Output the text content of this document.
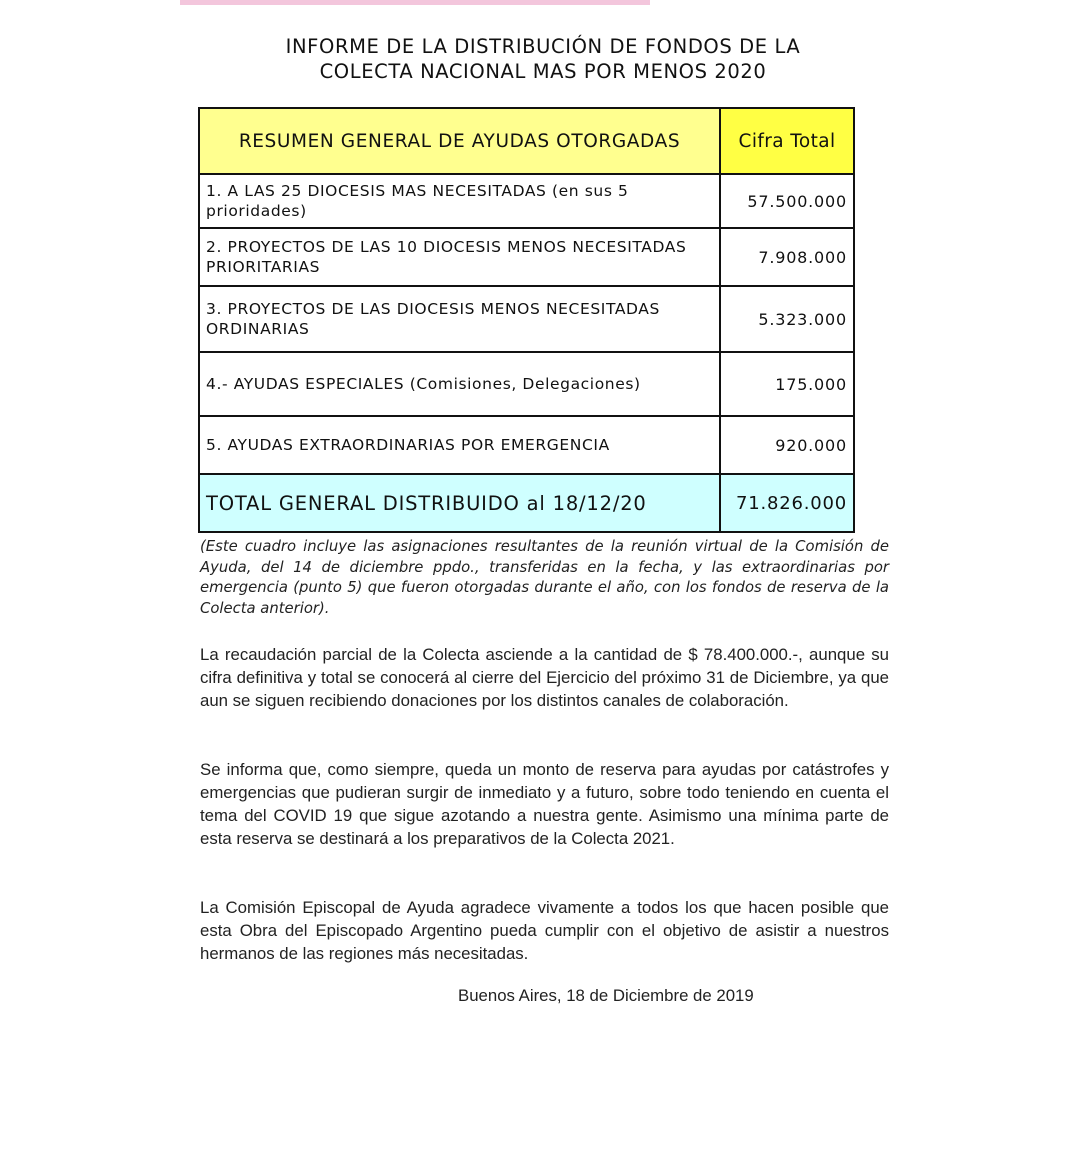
INFORME DE LA DISTRIBUCIÓN DE FONDOS DE LA
COLECTA NACIONAL MAS POR MENOS 2020
RESUMEN GENERAL DE AYUDAS OTORGADAS	Cifra Total

1. A LAS 25 DIOCESIS MAS NECESITADAS (en sus 5
prioridades)	57.500.000

2. PROYECTOS DE LAS 10 DIOCESIS MENOS NECESITADAS
PRIORITARIAS	7.908.000

3. PROYECTOS DE LAS DIOCESIS MENOS NECESITADAS
ORDINARIAS	5.323.000

4.- AYUDAS ESPECIALES (Comisiones, Delegaciones)	175.000

5. AYUDAS EXTRAORDINARIAS POR EMERGENCIA	920.000
TOTAL GENERAL DISTRIBUIDO al 18/12/20	71.826.000
(Este cuadro incluye las asignaciones resultantes de la reunión virtual de la Comisión de Ayuda, del 14 de diciembre ppdo., transferidas en la fecha, y las extraordinarias por emergencia (punto 5) que fueron otorgadas durante el año, con los fondos de reserva de la Colecta anterior).
La recaudación parcial de la Colecta asciende a la cantidad de $ 78.400.000.-, aunque su cifra definitiva y total se conocerá al cierre del Ejercicio del próximo 31 de Diciembre, ya que aun se siguen recibiendo donaciones por los distintos canales de colaboración.
Se informa que, como siempre, queda un monto de reserva para ayudas por catástrofes y emergencias que pudieran surgir de inmediato y a futuro, sobre todo teniendo en cuenta el tema del COVID 19 que sigue azotando a nuestra gente. Asimismo una mínima parte de esta reserva se destinará a los preparativos de la Colecta 2021.
La Comisión Episcopal de Ayuda agradece vivamente a todos los que hacen posible que esta Obra del Episcopado Argentino pueda cumplir con el objetivo de asistir a nuestros hermanos de las regiones más necesitadas.
Buenos Aires, 18 de Diciembre de 2019
